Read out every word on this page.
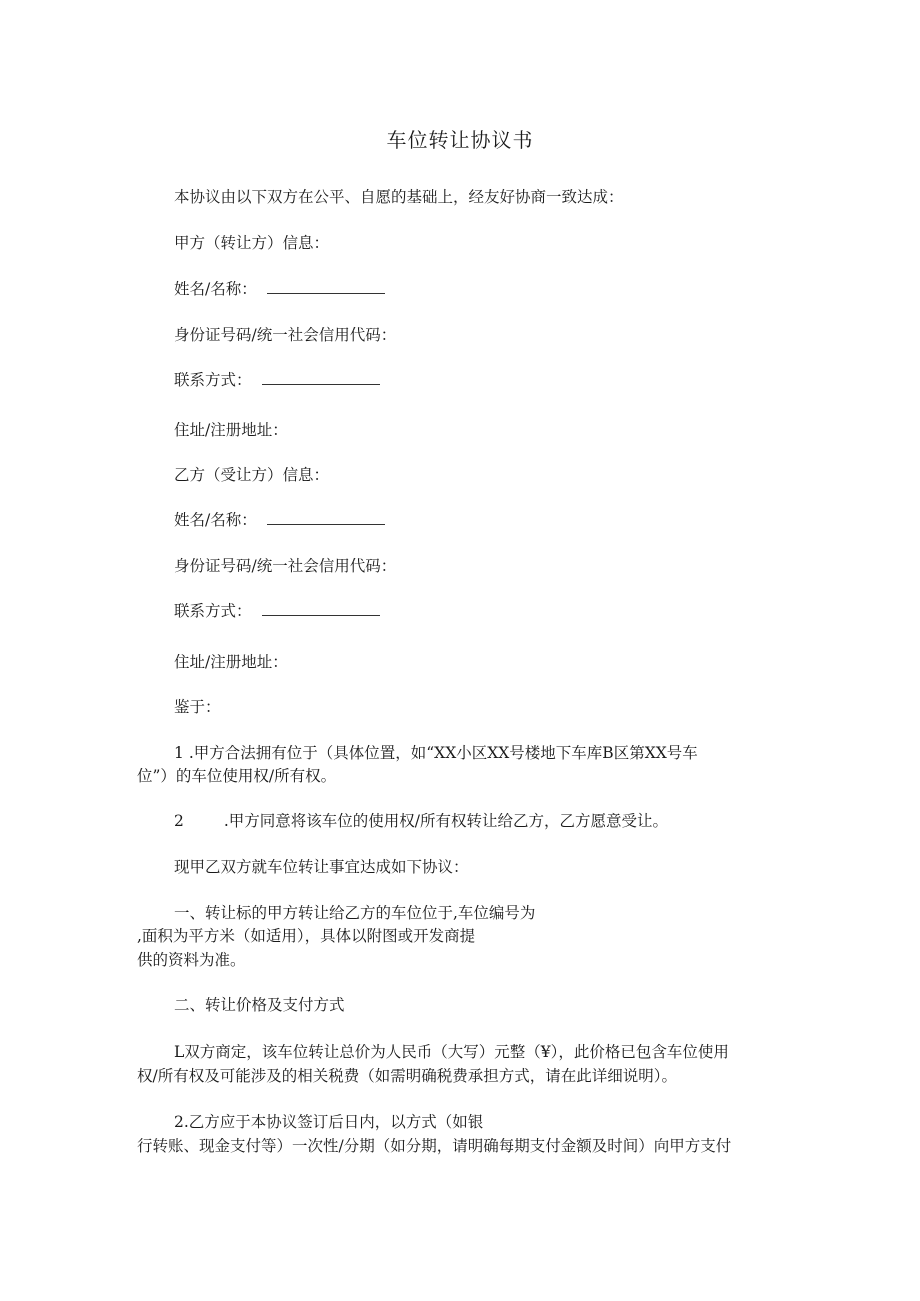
车位转让协议书
本协议由以下双方在公平、自愿的基础上，经友好协商一致达成：
甲方（转让方）信息：
姓名/名称：
身份证号码/统一社会信用代码：
联系方式：
住址/注册地址：
乙方（受让方）信息：
姓名/名称：
身份证号码/统一社会信用代码：
联系方式：
住址/注册地址：
鉴于：
1 .甲方合法拥有位于（具体位置，如“XX小区XX号楼地下车库B区第XX号车
位”）的车位使用权/所有权。
2	.甲方同意将该车位的使用权/所有权转让给乙方，乙方愿意受让。
现甲乙双方就车位转让事宜达成如下协议：
一、转让标的甲方转让给乙方的车位位于,车位编号为
,面积为平方米（如适用），具体以附图或开发商提
供的资料为准。
二、转让价格及支付方式
L双方商定，该车位转让总价为人民币（大写）元整（¥），此价格已包含车位使用
权/所有权及可能涉及的相关税费（如需明确税费承担方式，请在此详细说明）。
2.乙方应于本协议签订后日内，以方式（如银
行转账、现金支付等）一次性/分期（如分期，请明确每期支付金额及时间）向甲方支付
